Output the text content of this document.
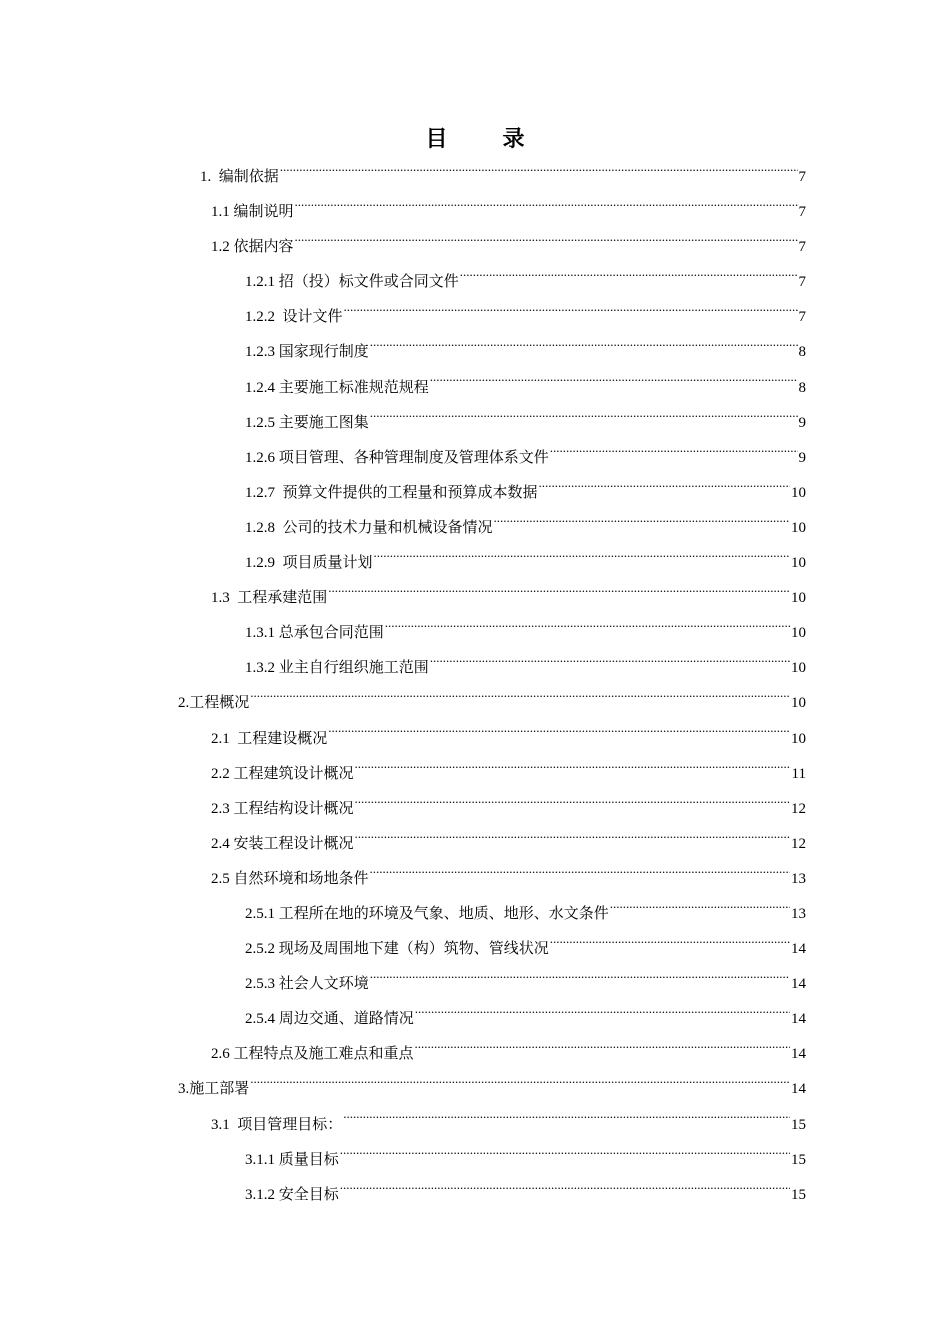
目          录
1.  编制依据 .....	7
1.1 编制说明 .....	7
1.2 依据内容 .....	7
1.2.1 招（投）标文件或合同文件 .....	7
1.2.2  设计文件 .....	7
1.2.3 国家现行制度 .....	8
1.2.4 主要施工标准规范规程 .....	8
1.2.5 主要施工图集 .....	9
1.2.6 项目管理、各种管理制度及管理体系文件 .....	9
1.2.7  预算文件提供的工程量和预算成本数据 .....	10
1.2.8  公司的技术力量和机械设备情况 .....	10
1.2.9  项目质量计划 .....	10
1.3  工程承建范围 .....	10
1.3.1 总承包合同范围 .....	10
1.3.2 业主自行组织施工范围 .....	10
2.工程概况 .....	10
2.1  工程建设概况 .....	10
2.2 工程建筑设计概况 .....	11
2.3 工程结构设计概况 .....	12
2.4 安装工程设计概况 .....	12
2.5 自然环境和场地条件 .....	13
2.5.1 工程所在地的环境及气象、地质、地形、水文条件 .....	13
2.5.2 现场及周围地下建（构）筑物、管线状况 .....	14
2.5.3 社会人文环境 .....	14
2.5.4 周边交通、道路情况 .....	14
2.6 工程特点及施工难点和重点 .....	14
3.施工部署 .....	14
3.1  项目管理目标： .....	15
3.1.1 质量目标 .....	15
3.1.2 安全目标 .....	15
